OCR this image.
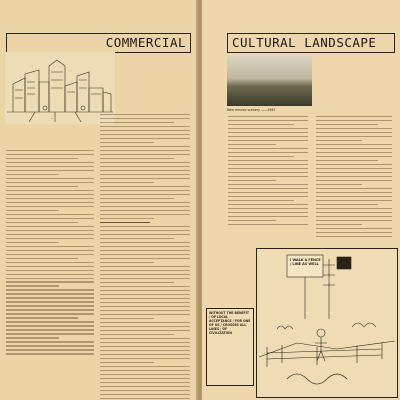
COMMERCIAL
~
CULTURAL LANDSCAPE
New mexico scenery ——1987
I WALK A FENCE / LINE AS WELL
WITHOUT THE BENEFIT / OF LOCAL ACCEPTANCE / FOR ONE OF US / CROSSES ALL LINES / OF CIVILIZATION
